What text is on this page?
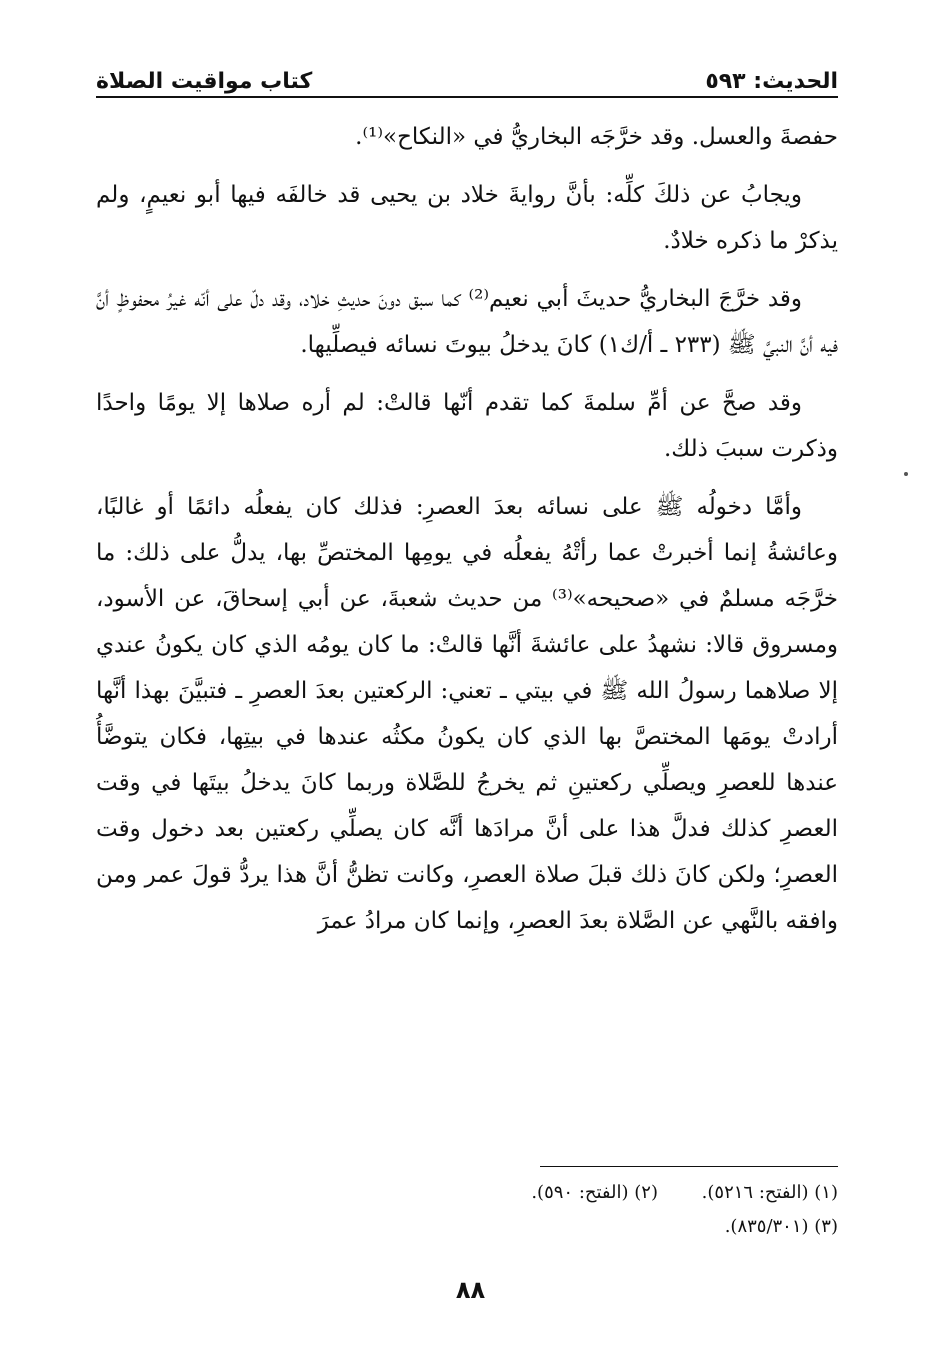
الحديث: ٥٩٣
كتاب مواقيت الصلاة

حفصةَ والعسل. وقد خرَّجَه البخاريُّ في «النكاح»⁽¹⁾.

ويجابُ عن ذلكَ كلِّه: بأنَّ روايةَ خلاد بن يحيى قد خالفَه فيها أبو نعيمٍ، ولم يذكرْ ما ذكره خلادٌ.

وقد خرَّجَ البخاريُّ حديثَ أبي نعيم⁽²⁾ كما سبق دونَ حديثِ خلاد، وقد دلّ على أنّه غيرُ محفوظٍ أنَّ فيه أنَّ النبيَّ ﷺ (٢٣٣ ـ أ/ك١) كانَ يدخلُ بيوتَ نسائه فيصلِّيها.

وقد صحَّ عن أمِّ سلمةَ كما تقدم أنّها قالتْ: لم أره صلاها إلا يومًا واحدًا وذكرت سببَ ذلك.

وأمَّا دخولُه ﷺ على نسائه بعدَ العصرِ: فذلك كان يفعلُه دائمًا أو غالبًا، وعائشةُ إنما أخبرتْ عما رأتْهُ يفعلُه في يومِها المختصِّ بها، يدلُّ على ذلك: ما خرَّجَه مسلمٌ في «صحيحه»⁽³⁾ من حديث شعبةَ، عن أبي إسحاقَ، عن الأسود، ومسروق قالا: نشهدُ على عائشةَ أنَّها قالتْ: ما كان يومُه الذي كان يكونُ عندي إلا صلاهما رسولُ الله ﷺ في بيتي ـ تعني: الركعتين بعدَ العصرِ ـ فتبيَّنَ بهذا أنَّها أرادتْ يومَها المختصَّ بها الذي كان يكونُ مكثُه عندها في بيتِها، فكان يتوضَّأُ عندها للعصرِ ويصلِّي ركعتينِ ثم يخرجُ للصَّلاة وربما كانَ يدخلُ بيتَها في وقت العصرِ كذلك فدلَّ هذا على أنَّ مرادَها أنَّه كان يصلِّي ركعتين بعد دخول وقت العصرِ؛ ولكن كانَ ذلك قبلَ صلاة العصرِ، وكانت تظنُّ أنَّ هذا يردُّ قولَ عمر ومن وافقه بالنَّهي عن الصَّلاة بعدَ العصرِ، وإنما كان مرادُ عمرَ

(١) (الفتح: ٥٢١٦).
(٢) (الفتح: ٥٩٠).
(٣) (٨٣٥/٣٠١).
٨٨
